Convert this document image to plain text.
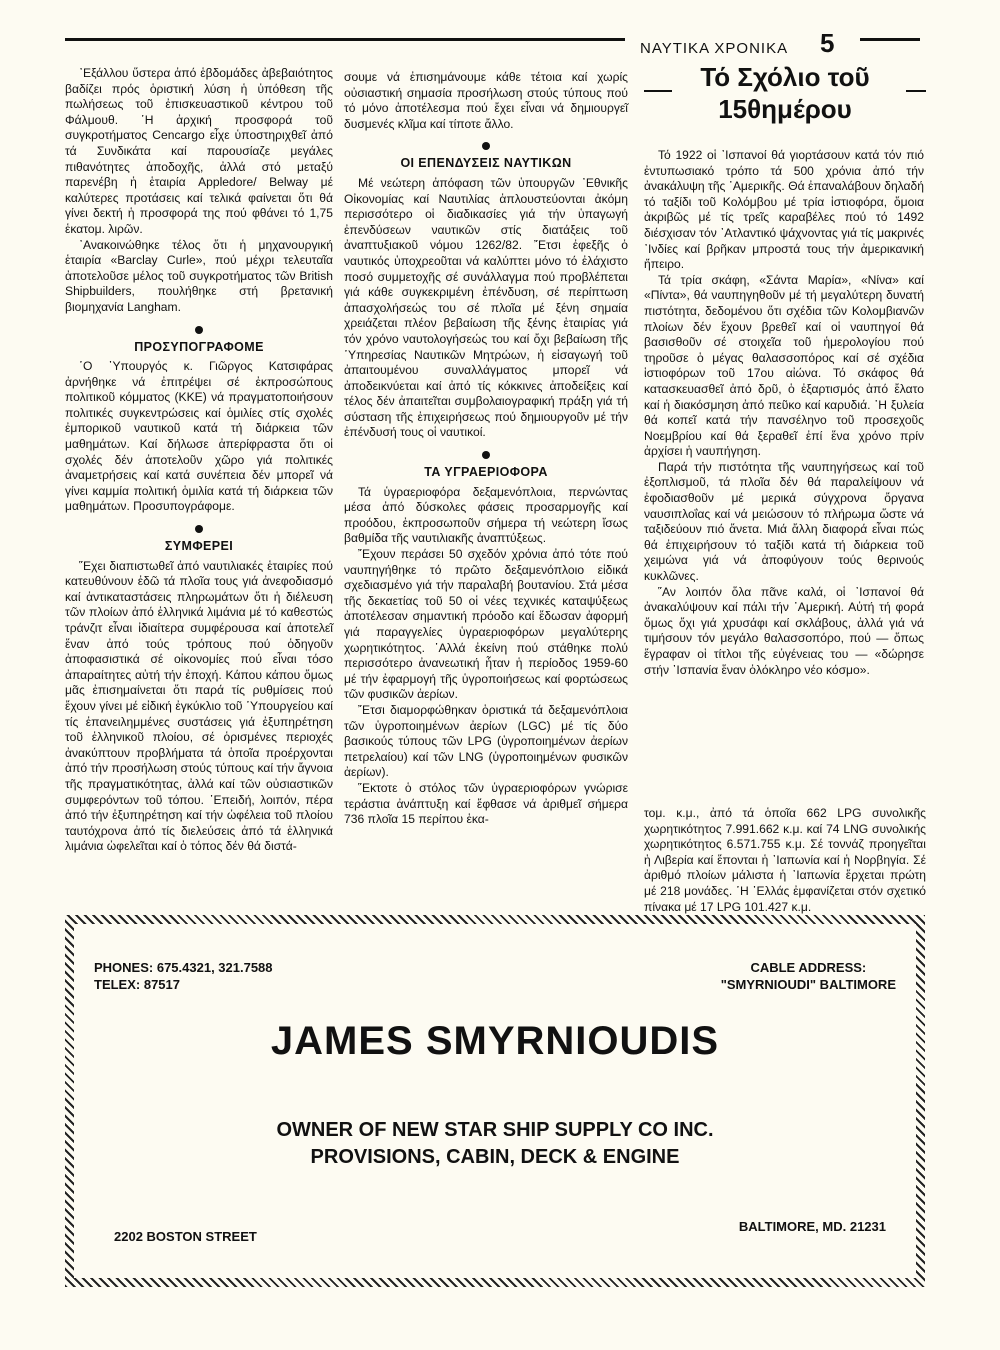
ΝΑΥΤΙΚΑ ΧΡΟΝΙΚΑ 5

᾽Εξάλλου ὕστερα ἀπό ἑβδομάδες ἀβεβαιότητος βαδίζει πρός ὁριστική λύση ἡ ὑπόθεση τῆς πωλήσεως τοῦ ἐπισκευαστικοῦ κέντρου τοῦ Φάλμουθ. ῾Η ἀρχική προσφορά τοῦ συγκροτήματος Cencargo εἶχε ὑποστηριχθεῖ ἀπό τά Συνδικάτα καί παρουσίαζε μεγάλες πιθανότητες ἀποδοχῆς, ἀλλά στό μεταξύ παρενέβη ἡ ἑταιρία Appledore/ Belway μέ καλύτερες προτάσεις καί τελικά φαίνεται ὅτι θά γίνει δεκτή ἡ προσφορά της πού φθάνει τό 1,75 ἑκατομ. λιρῶν.

᾽Ανακοινώθηκε τέλος ὅτι ἡ μηχανουργική ἑταιρία «Barclay Curle», πού μέχρι τελευταῖα ἀποτελοῦσε μέλος τοῦ συγκροτήματος τῶν British Shipbuilders, πουλήθηκε στή βρετανική βιομηχανία Langham.

ΠΡΟΣΥΠΟΓΡΑΦΟΜΕ

῾Ο ῾Υπουργός κ. Γιῶργος Κατσιφάρας ἀρνήθηκε νά ἐπιτρέψει σέ ἐκπροσώπους πολιτικοῦ κόμματος (ΚΚΕ) νά πραγματοποιήσουν πολιτικές συγκεντρώσεις καί ὁμιλίες στίς σχολές ἐμπορικοῦ ναυτικοῦ κατά τή διάρκεια τῶν μαθημάτων. Καί δήλωσε ἀπερίφραστα ὅτι οἱ σχολές δέν ἀποτελοῦν χῶρο γιά πολιτικές ἀναμετρήσεις καί κατά συνέπεια δέν μπορεῖ νά γίνει καμμία πολιτική ὁμιλία κατά τή διάρκεια τῶν μαθημάτων. Προσυπογράφομε.

ΣΥΜΦΕΡΕΙ

῞Εχει διαπιστωθεῖ ἀπό ναυτιλιακές ἑταιρίες πού κατευθύνουν ἐδῶ τά πλοῖα τους γιά ἀνεφοδιασμό καί ἀντικαταστάσεις πληρωμάτων ὅτι ἡ διέλευση τῶν πλοίων ἀπό ἑλληνικά λιμάνια μέ τό καθεστώς τράνζιτ εἶναι ἰδιαίτερα συμφέρουσα καί ἀποτελεῖ ἕναν ἀπό τούς τρόπους πού ὁδηγοῦν ἀποφασιστικά σέ οἰκονομίες πού εἶναι τόσο ἀπαραίτητες αὐτή τήν ἐποχή. Κάπου κάπου ὅμως μᾶς ἐπισημαίνεται ὅτι παρά τίς ρυθμίσεις πού ἔχουν γίνει μέ εἰδική ἐγκύκλιο τοῦ ῾Υπουργείου καί τίς ἐπανειλημμένες συστάσεις γιά ἐξυπηρέτηση τοῦ ἑλληνικοῦ πλοίου, σέ ὁρισμένες περιοχές ἀνακύπτουν προβλήματα τά ὁποῖα προέρχονται ἀπό τήν προσήλωση στούς τύπους καί τήν ἄγνοια τῆς πραγματικότητας, ἀλλά καί τῶν οὐσιαστικῶν συμφερόντων τοῦ τόπου. ᾽Επειδή, λοιπόν, πέρα ἀπό τήν ἐξυπηρέτηση καί τήν ὠφέλεια τοῦ πλοίου ταυτόχρονα ἀπό τίς διελεύσεις ἀπό τά ἑλληνικά λιμάνια ὠφελεῖται καί ὁ τόπος δέν θά διστά-

σουμε νά ἐπισημάνουμε κάθε τέτοια καί χωρίς οὐσιαστική σημασία προσήλωση στούς τύπους πού τό μόνο ἀποτέλεσμα πού ἔχει εἶναι νά δημιουργεῖ δυσμενές κλῖμα καί τίποτε ἄλλο.

ΟΙ ΕΠΕΝΔΥΣΕΙΣ ΝΑΥΤΙΚΩΝ

Μέ νεώτερη ἀπόφαση τῶν ὑπουργῶν ᾽Εθνικῆς Οἰκονομίας καί Ναυτιλίας ἁπλουστεύονται ἀκόμη περισσότερο οἱ διαδικασίες γιά τήν ὑπαγωγή ἐπενδύσεων ναυτικῶν στίς διατάξεις τοῦ ἀναπτυξιακοῦ νόμου 1262/82. ῎Ετσι ἐφεξῆς ὁ ναυτικός ὑποχρεοῦται νά καλύπτει μόνο τό ἐλάχιστο ποσό συμμετοχῆς σέ συνάλλαγμα πού προβλέπεται γιά κάθε συγκεκριμένη ἐπένδυση, σέ περίπτωση ἀπασχολήσεώς του σέ πλοῖα μέ ξένη σημαία χρειάζεται πλέον βεβαίωση τῆς ξένης ἑταιρίας γιά τόν χρόνο ναυτολογήσεώς του καί ὄχι βεβαίωση τῆς ῾Υπηρεσίας Ναυτικῶν Μητρώων, ἡ εἰσαγωγή τοῦ ἀπαιτουμένου συναλλάγματος μπορεῖ νά ἀποδεικνύεται καί ἀπό τίς κόκκινες ἀποδείξεις καί τέλος δέν ἀπαιτεῖται συμβολαιογραφική πράξη γιά τή σύσταση τῆς ἐπιχειρήσεως πού δημιουργοῦν μέ τήν ἐπένδυσή τους οἱ ναυτικοί.

ΤΑ ΥΓΡΑΕΡΙΟΦΟΡΑ

Τά ὑγραεριοφόρα δεξαμενόπλοια, περνώντας μέσα ἀπό δύσκολες φάσεις προσαρμογῆς καί προόδου, ἐκπροσωποῦν σήμερα τή νεώτερη ἴσως βαθμίδα τῆς ναυτιλιακῆς ἀναπτύξεως.

῎Εχουν περάσει 50 σχεδόν χρόνια ἀπό τότε πού ναυπηγήθηκε τό πρῶτο δεξαμενόπλοιο εἰδικά σχεδιασμένο γιά τήν παραλαβή βουτανίου. Στά μέσα τῆς δεκαετίας τοῦ 50 οἱ νέες τεχνικές καταψύξεως ἀποτέλεσαν σημαντική πρόοδο καί ἔδωσαν ἀφορμή γιά παραγγελίες ὑγραεριοφόρων μεγαλύτερης χωρητικότητος. ᾽Αλλά ἐκείνη πού στάθηκε πολύ περισσότερο ἀνανεωτική ἦταν ἡ περίοδος 1959-60 μέ τήν ἐφαρμογή τῆς ὑγροποιήσεως καί φορτώσεως τῶν φυσικῶν ἀερίων.

῎Ετσι διαμορφώθηκαν ὁριστικά τά δεξαμενόπλοια τῶν ὑγροποιημένων ἀερίων (LGC) μέ τίς δύο βασικούς τύπους τῶν LPG (ὑγροποιημένων ἀερίων πετρελαίου) καί τῶν LNG (ὑγροποιημένων φυσικῶν ἀερίων).

῞Εκτοτε ὁ στόλος τῶν ὑγραεριοφόρων γνώρισε τεράστια ἀνάπτυξη καί ἔφθασε νά ἀριθμεῖ σήμερα 736 πλοῖα 15 περίπου ἑκα-

Τό Σχόλιο τοῦ
15θημέρου

Τό 1922 οἱ ᾽Ισπανοί θά γιορτάσουν κατά τόν πιό ἐντυπωσιακό τρόπο τά 500 χρόνια ἀπό τήν ἀνακάλυψη τῆς ᾽Αμερικῆς. Θά ἐπαναλάβουν δηλαδή τό ταξίδι τοῦ Κολόμβου μέ τρία ἱστιοφόρα, ὅμοια ἀκριβῶς μέ τίς τρεῖς καραβέλες πού τό 1492 διέσχισαν τόν ᾽Ατλαντικό ψάχνοντας γιά τίς μακρινές ᾽Ινδίες καί βρῆκαν μπροστά τους τήν ἀμερικανική ἤπειρο.

Τά τρία σκάφη, «Σάντα Μαρία», «Νίνα» καί «Πίντα», θά ναυπηγηθοῦν μέ τή μεγαλύτερη δυνατή πιστότητα, δεδομένου ὅτι σχέδια τῶν Κολομβιανῶν πλοίων δέν ἔχουν βρεθεῖ καί οἱ ναυπηγοί θά βασισθοῦν σέ στοιχεῖα τοῦ ἡμερολογίου πού τηροῦσε ὁ μέγας θαλασσοπόρος καί σέ σχέδια ἱστιοφόρων τοῦ 17ου αἰώνα. Τό σκάφος θά κατασκευασθεῖ ἀπό δρῦ, ὁ ἐξαρτισμός ἀπό ἔλατο καί ἡ διακόσμηση ἀπό πεῦκο καί καρυδιά. ῾Η ξυλεία θά κοπεῖ κατά τήν πανσέληνο τοῦ προσεχοῦς Νοεμβρίου καί θά ξεραθεῖ ἐπί ἕνα χρόνο πρίν ἀρχίσει ἡ ναυπήγηση.

Παρά τήν πιστότητα τῆς ναυπηγήσεως καί τοῦ ἐξοπλισμοῦ, τά πλοῖα δέν θά παραλείψουν νά ἐφοδιασθοῦν μέ μερικά σύγχρονα ὄργανα ναυσιπλοΐας καί νά μειώσουν τό πλήρωμα ὥστε νά ταξιδεύουν πιό ἄνετα. Μιά ἄλλη διαφορά εἶναι πώς θά ἐπιχειρήσουν τό ταξίδι κατά τή διάρκεια τοῦ χειμώνα γιά νά ἀποφύγουν τούς θερινούς κυκλῶνες.

῞Αν λοιπόν ὅλα πᾶνε καλά, οἱ ᾽Ισπανοί θά ἀνακαλύψουν καί πάλι τήν ᾽Αμερική. Αὐτή τή φορά ὅμως ὄχι γιά χρυσάφι καί σκλάβους, ἀλλά γιά νά τιμήσουν τόν μεγάλο θαλασσοπόρο, πού — ὅπως ἔγραφαν οἱ τίτλοι τῆς εὐγένειας του — «δώρησε στήν ᾽Ισπανία ἕναν ὁλόκληρο νέο κόσμο».

τομ. κ.μ., ἀπό τά ὁποῖα 662 LPG συνολικῆς χωρητικότητος 7.991.662 κ.μ. καί 74 LNG συνολικής χωρητικότητος 6.571.755 κ.μ. Σέ τοννάζ προηγεῖται ἡ Λιβερία καί ἕπονται ἡ ᾽Ιαπωνία καί ἡ Νορβηγία. Σέ ἀριθμό πλοίων μάλιστα ἡ ᾽Ιαπωνία ἔρχεται πρώτη μέ 218 μονάδες. ῾Η ῾Ελλάς ἐμφανίζεται στόν σχετικό πίνακα μέ 17 LPG 101.427 κ.μ.

PHONES: 675.4321, 321.7588
TELEX: 87517
CABLE ADDRESS:
"SMYRNIOUDI" BALTIMORE
JAMES SMYRNIOUDIS
OWNER OF NEW STAR SHIP SUPPLY CO INC.
PROVISIONS, CABIN, DECK & ENGINE
2202 BOSTON STREET
BALTIMORE, MD. 21231
